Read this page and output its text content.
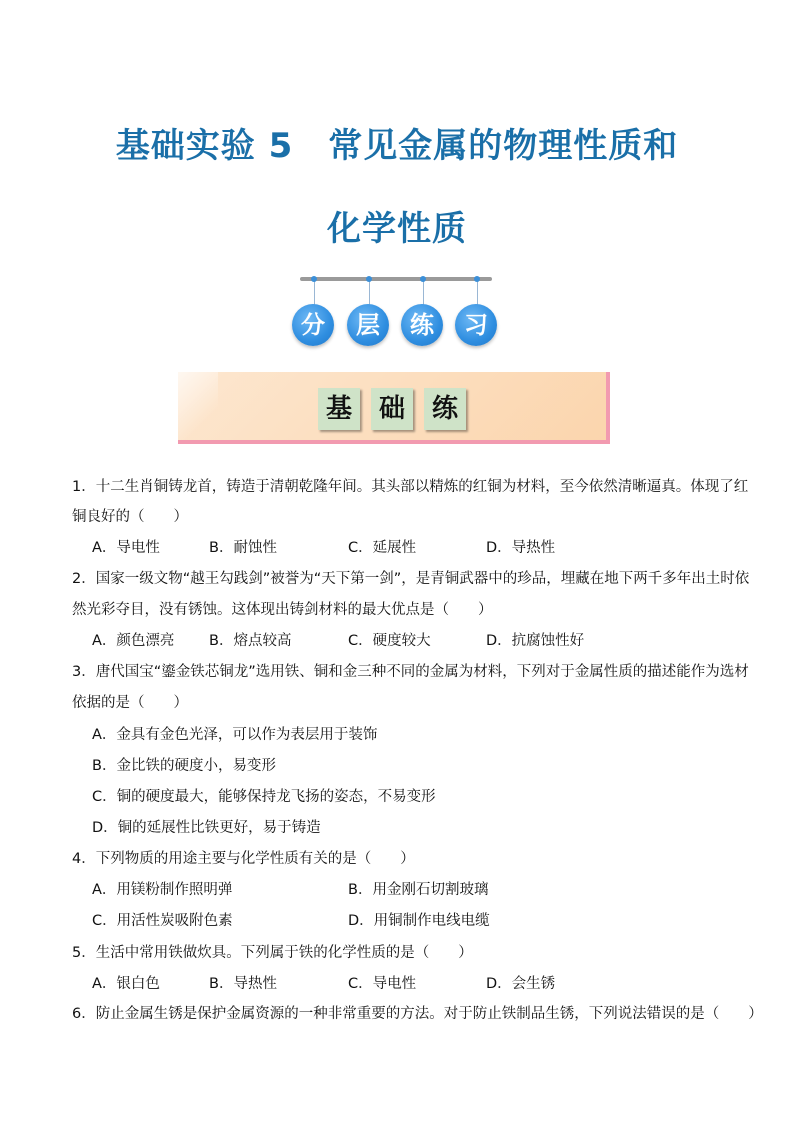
基础实验 5　常见金属的物理性质和
化学性质
分	层	练	习
基	础	练
1．十二生肖铜铸龙首，铸造于清朝乾隆年间。其头部以精炼的红铜为材料，至今依然清晰逼真。体现了红
铜良好的（　　）
A．导电性	B．耐蚀性	C．延展性	D．导热性
2．国家一级文物“越王勾践剑”被誉为“天下第一剑”，是青铜武器中的珍品，埋藏在地下两千多年出土时依
然光彩夺目，没有锈蚀。这体现出铸剑材料的最大优点是（　　）
A．颜色漂亮 B．熔点较高	C．硬度较大	D．抗腐蚀性好
3．唐代国宝“鎏金铁芯铜龙”选用铁、铜和金三种不同的金属为材料，下列对于金属性质的描述能作为选材
依据的是（　　）
A．金具有金色光泽，可以作为表层用于装饰
B．金比铁的硬度小，易变形
C．铜的硬度最大，能够保持龙飞扬的姿态，不易变形
D．铜的延展性比铁更好，易于铸造
4．下列物质的用途主要与化学性质有关的是（　　）
A．用镁粉制作照明弹	B．用金刚石切割玻璃
C．用活性炭吸附色素	D．用铜制作电线电缆
5．生活中常用铁做炊具。下列属于铁的化学性质的是（　　）
A．银白色	B．导热性	C．导电性	D．会生锈
6．防止金属生锈是保护金属资源的一种非常重要的方法。对于防止铁制品生锈，下列说法错误的是（　　）
